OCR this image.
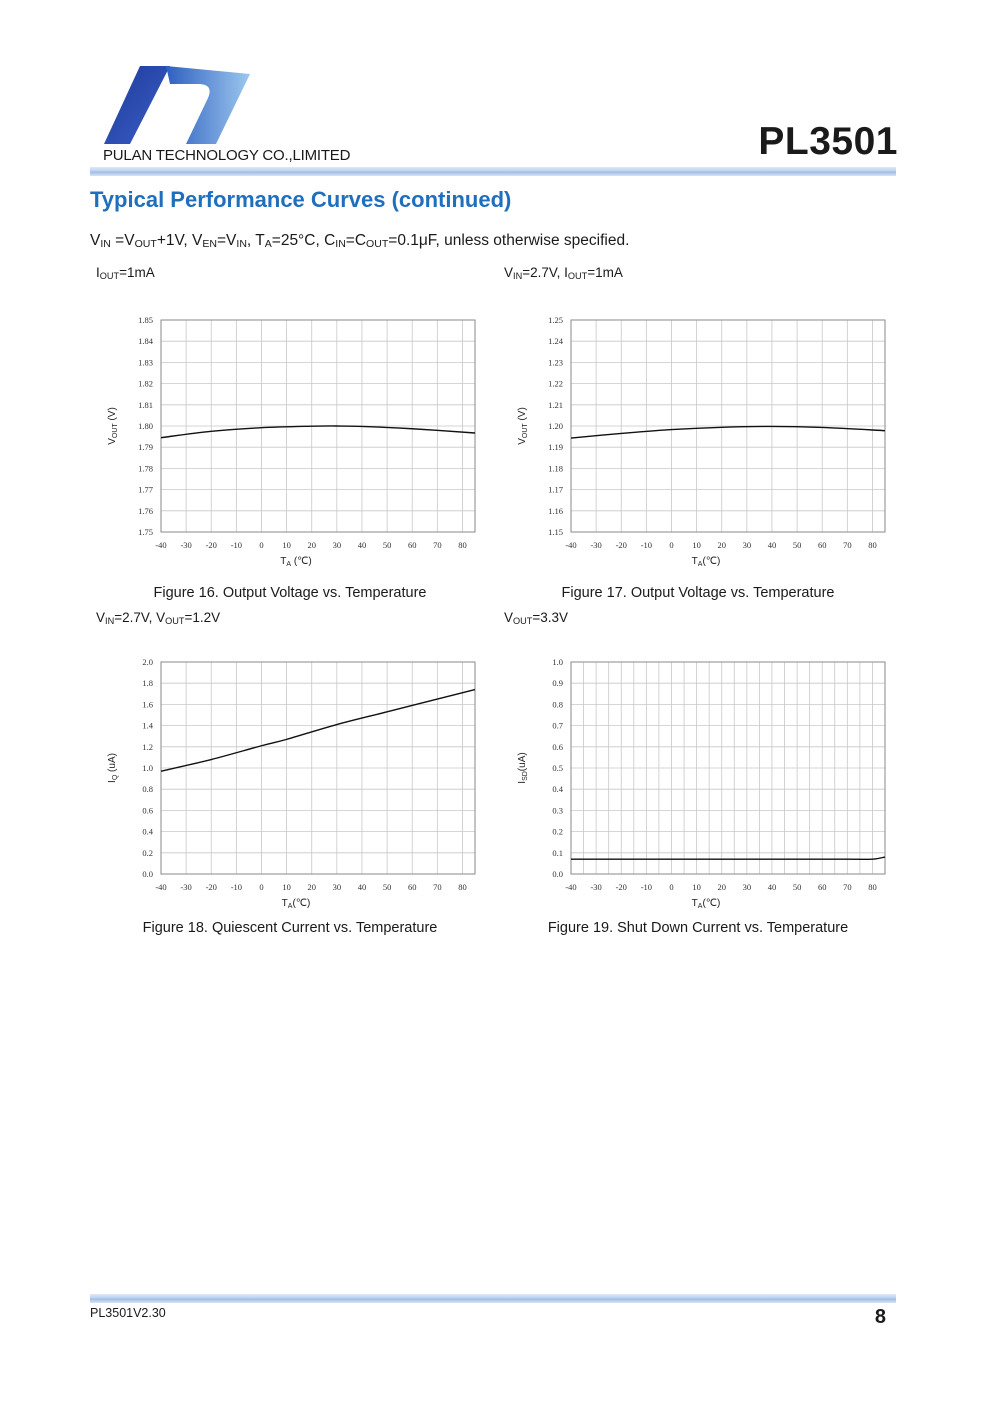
PULAN TECHNOLOGY CO.,LIMITED	PL3501
Typical Performance Curves (continued)
$V_{IN} =V_{OUT}+1V$, $V_{EN}=V_{IN}$, $T_A=25^\circ C$, $C_{IN}=C_{OUT}=0.1\mu F$, unless otherwise specified.
$I_{OUT}=1mA$	$V_{IN}=2.7V$, $I_{OUT}=1mA$
$V_{IN}=2.7V$, $V_{OUT}=1.2V$	$V_{OUT}=3.3V$
1.75
1.76
1.77
1.78
1.79
1.80
1.81
1.82
1.83
1.84
1.85
-40 -30 -20 -10 0 10 20 30 40 50 60 70 80
$T_A$ (℃)
$V_{OUT}$ (V)
1.15
1.16
1.17
1.18
1.19
1.20
1.21
1.22
1.23
1.24
1.25
-40 -30 -20 -10 0 10 20 30 40 50 60 70 80
$T_A(℃)$
$V_{OUT}$ (V)
0.0
0.2
0.4
0.6
0.8
1.0
1.2
1.4
1.6
1.8
2.0
-40 -30 -20 -10 0 10 20 30 40 50 60 70 80
$T_A(℃)$
$I_Q$ (uA)
0.0
0.1
0.2
0.3
0.4
0.5
0.6
0.7
0.8
0.9
1.0
-40 -30 -20 -10 0 10 20 30 40 50 60 70 80
$T_A(℃)$
$I_{SD}(uA)$
Figure 16. Output Voltage vs. Temperature	Figure 17. Output Voltage vs. Temperature
Figure 18. Quiescent Current vs. Temperature	Figure 19. Shut Down Current vs. Temperature
PL3501V2.30	8
